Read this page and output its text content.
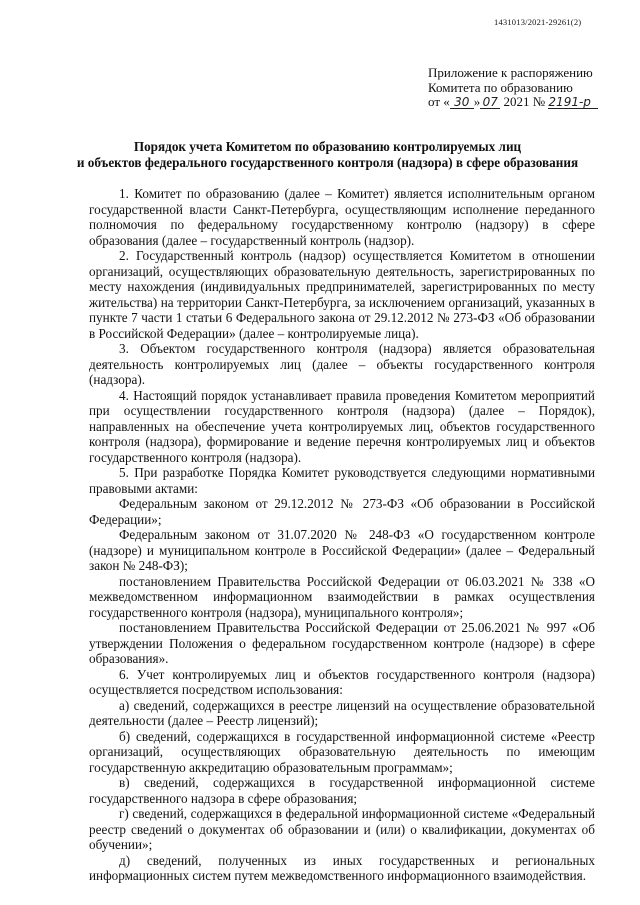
1431013/2021-29261(2)
Приложение к распоряжению
Комитета по образованию
от « 30 » 07 2021 № 2191-р
Порядок учета Комитетом по образованию контролируемых лиц
и объектов федерального государственного контроля (надзора) в сфере образования

1. Комитет по образованию (далее – Комитет) является исполнительным органом государственной власти Санкт-Петербурга, осуществляющим исполнение переданного полномочия по федеральному государственному контролю (надзору) в сфере образования (далее – государственный контроль (надзор).

2. Государственный контроль (надзор) осуществляется Комитетом в отношении организаций, осуществляющих образовательную деятельность, зарегистрированных по месту нахождения (индивидуальных предпринимателей, зарегистрированных по месту жительства) на территории Санкт-Петербурга, за исключением организаций, указанных в пункте 7 части 1 статьи 6 Федерального закона от 29.12.2012 № 273-ФЗ «Об образовании в Российской Федерации» (далее – контролируемые лица).

3. Объектом государственного контроля (надзора) является образовательная деятельность контролируемых лиц (далее – объекты государственного контроля (надзора).

4. Настоящий порядок устанавливает правила проведения Комитетом мероприятий при осуществлении государственного контроля (надзора) (далее – Порядок), направленных на обеспечение учета контролируемых лиц, объектов государственного контроля (надзора), формирование и ведение перечня контролируемых лиц и объектов государственного контроля (надзора).

5. При разработке Порядка Комитет руководствуется следующими нормативными правовыми актами:

Федеральным законом от 29.12.2012 № 273-ФЗ «Об образовании в Российской Федерации»;

Федеральным законом от 31.07.2020 № 248-ФЗ «О государственном контроле (надзоре) и муниципальном контроле в Российской Федерации» (далее – Федеральный закон № 248-ФЗ);

постановлением Правительства Российской Федерации от 06.03.2021 № 338 «О межведомственном информационном взаимодействии в рамках осуществления государственного контроля (надзора), муниципального контроля»;

постановлением Правительства Российской Федерации от 25.06.2021 № 997 «Об утверждении Положения о федеральном государственном контроле (надзоре) в сфере образования».

6. Учет контролируемых лиц и объектов государственного контроля (надзора) осуществляется посредством использования:

а) сведений, содержащихся в реестре лицензий на осуществление образовательной деятельности (далее – Реестр лицензий);

б) сведений, содержащихся в государственной информационной системе «Реестр организаций, осуществляющих образовательную деятельность по имеющим государственную аккредитацию образовательным программам»;

в) сведений, содержащихся в государственной информационной системе государственного надзора в сфере образования;

г) сведений, содержащихся в федеральной информационной системе «Федеральный реестр сведений о документах об образовании и (или) о квалификации, документах об обучении»;

д) сведений, полученных из иных государственных и региональных информационных систем путем межведомственного информационного взаимодействия.
